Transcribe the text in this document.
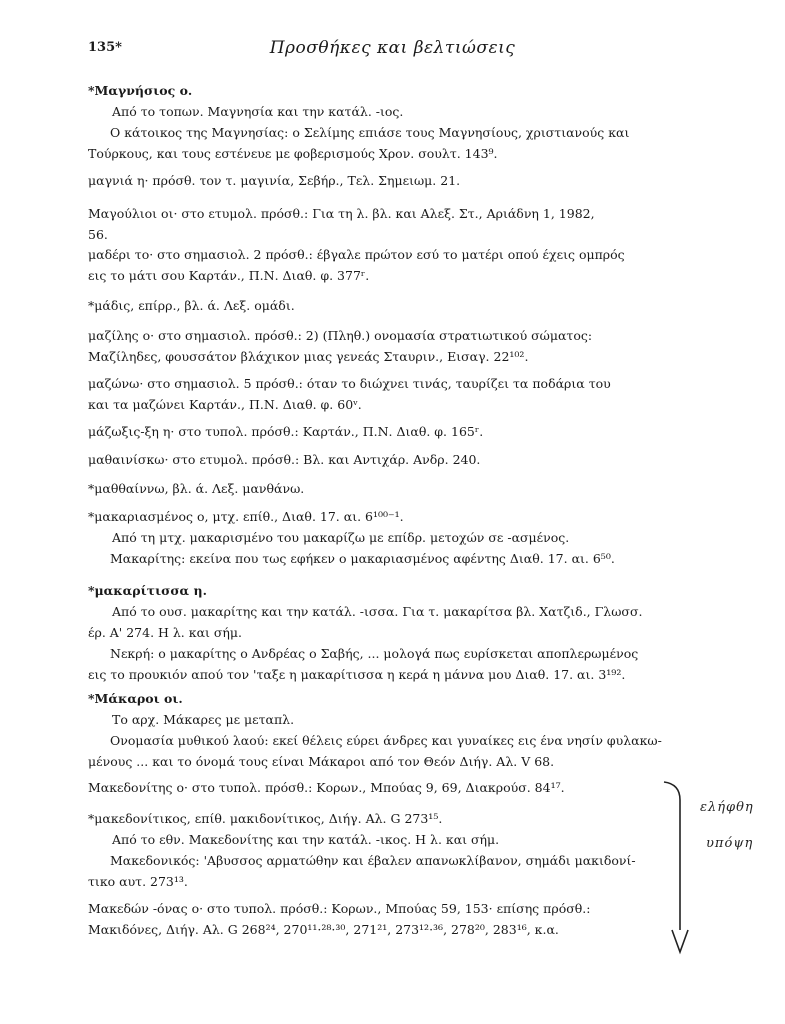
135*	Προσθήκες και βελτιώσεις

*Μαγνήσιος ο.

Από το τοπων. Μαγνησία και την κατάλ. -ιος.

Ο κάτοικος της Μαγνησίας: ο Σελίμης επιάσε τους Μαγνησίους, χριστιανούς και

Τούρκους, και τους εστένευε με φοβερισμούς Χρον. σουλτ. 143⁹.

μαγνιά η· πρόσθ. τον τ. μαγινία, Σεβήρ., Τελ. Σημειωμ. 21.

Μαγούλιοι οι· στο ετυμολ. πρόσθ.: Για τη λ. βλ. και Αλεξ. Στ., Αριάδνη 1, 1982,

56.

μαδέρι το· στο σημασιολ. 2 πρόσθ.: έβγαλε πρώτον εσύ το ματέρι οπού έχεις ομπρός

εις το μάτι σου Καρτάν., Π.Ν. Διαθ. φ. 377ʳ.

*μάδις, επίρρ., βλ. ά. Λεξ. ομάδι.

μαζίλης ο· στο σημασιολ. πρόσθ.: 2) (Πληθ.) ονομασία στρατιωτικού σώματος:

Μαζίληδες, φουσσάτον βλάχικον μιας γενεάς Σταυριν., Εισαγ. 22¹⁰².

μαζώνω· στο σημασιολ. 5 πρόσθ.: όταν το διώχνει τινάς, ταυρίζει τα ποδάρια του

και τα μαζώνει Καρτάν., Π.Ν. Διαθ. φ. 60ᵛ.

μάζωξις-ξη η· στο τυπολ. πρόσθ.: Καρτάν., Π.Ν. Διαθ. φ. 165ʳ.

μαθαινίσκω· στο ετυμολ. πρόσθ.: Βλ. και Αντιχάρ. Ανδρ. 240.

*μαθθαίννω, βλ. ά. Λεξ. μανθάνω.

*μακαριασμένος ο, μτχ. επίθ., Διαθ. 17. αι. 6¹⁰⁰⁻¹.

Από τη μτχ. μακαρισμένο του μακαρίζω με επίδρ. μετοχών σε -ασμένος.

Μακαρίτης: εκείνα που τως εφήκεν ο μακαριασμένος αφέντης Διαθ. 17. αι. 6⁵⁰.

*μακαρίτισσα η.

Από το ουσ. μακαρίτης και την κατάλ. -ισσα. Για τ. μακαρίτσα βλ. Χατζιδ., Γλωσσ.

έρ. Α' 274. Η λ. και σήμ.

Νεκρή: ο μακαρίτης ο Ανδρέας ο Σαβής, ... μολογά πως ευρίσκεται αποπλερωμένος

εις το προυκιόν απού τον 'ταξε η μακαρίτισσα η κερά η μάννα μου Διαθ. 17. αι. 3¹⁹².

*Μάκαροι οι.

Το αρχ. Μάκαρες με μεταπλ.

Ονομασία μυθικού λαού: εκεί θέλεις εύρει άνδρες και γυναίκες εις ένα νησίν φυλακω-

μένους ... και το όνομά τους είναι Μάκαροι από τον Θεόν Διήγ. Αλ. V 68.

Μακεδονίτης ο· στο τυπολ. πρόσθ.: Κορων., Μπούας 9, 69, Διακρούσ. 84¹⁷.

*μακεδονίτικος, επίθ. μακιδονίτικος, Διήγ. Αλ. G 273¹⁵.

Από το εθν. Μακεδονίτης και την κατάλ. -ικος. Η λ. και σήμ.

Μακεδονικός: 'Αβυσσος αρματώθην και έβαλεν απανωκλίβανον, σημάδι μακιδονί-

τικο αυτ. 273¹³.

Μακεδών -όνας ο· στο τυπολ. πρόσθ.: Κορων., Μπούας 59, 153· επίσης πρόσθ.:

Μακιδόνες, Διήγ. Αλ. G 268²⁴, 270¹¹·²⁸·³⁰, 271²¹, 273¹²·³⁶, 278²⁰, 283¹⁶, κ.α.

ελήφθη
υπόψη
